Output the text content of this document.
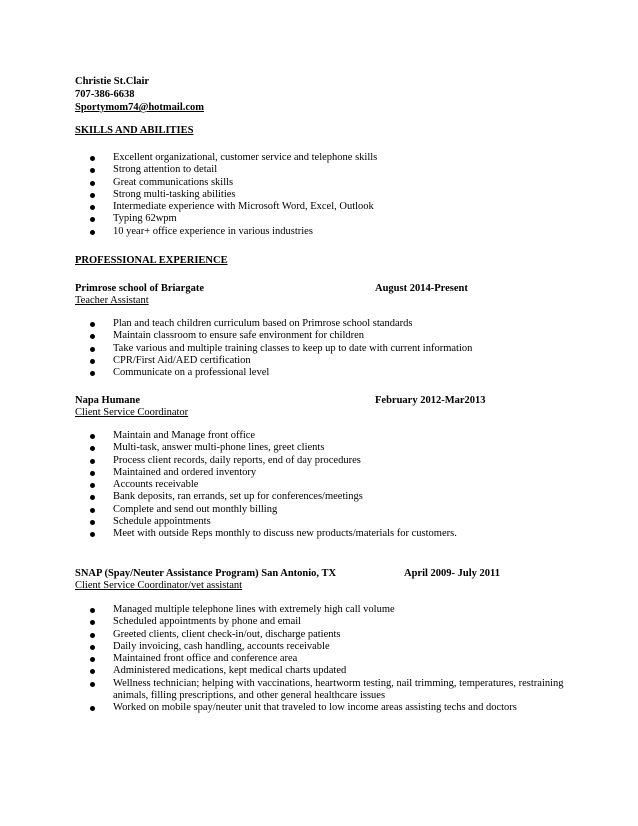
Christie St.Clair
707-386-6638
Sportymom74@hotmail.com
SKILLS AND ABILITIES
Excellent organizational, customer service and telephone skills
Strong attention to detail
Great communications skills
Strong multi-tasking abilities
Intermediate experience with Microsoft Word, Excel, Outlook
Typing 62wpm
10 year+ office experience in various industries
PROFESSIONAL EXPERIENCE
Primrose school of Briargate	August 2014-Present
Teacher Assistant
Plan and teach children curriculum based on Primrose school standards
Maintain classroom to ensure safe environment for children
Take various and multiple training classes to keep up to date with current information
CPR/First Aid/AED certification
Communicate on a professional level
Napa Humane	February 2012-Mar2013
Client Service Coordinator
Maintain and Manage front office
Multi-task, answer multi-phone lines, greet clients
Process client records, daily reports, end of day procedures
Maintained and ordered inventory
Accounts receivable
Bank deposits, ran errands, set up for conferences/meetings
Complete and send out monthly billing
Schedule appointments
Meet with outside Reps monthly to discuss new products/materials for customers.
SNAP (Spay/Neuter Assistance Program) San Antonio, TX	April 2009- July 2011
Client Service Coordinator/vet assistant
Managed multiple telephone lines with extremely high call volume
Scheduled appointments by phone and email
Greeted clients, client check-in/out, discharge patients
Daily invoicing, cash handling, accounts receivable
Maintained front office and conference area
Administered medications, kept medical charts updated
Wellness technician; helping with vaccinations, heartworm testing, nail trimming, temperatures, restraining animals, filling prescriptions, and other general healthcare issues
Worked on mobile spay/neuter unit that traveled to low income areas assisting techs and doctors
